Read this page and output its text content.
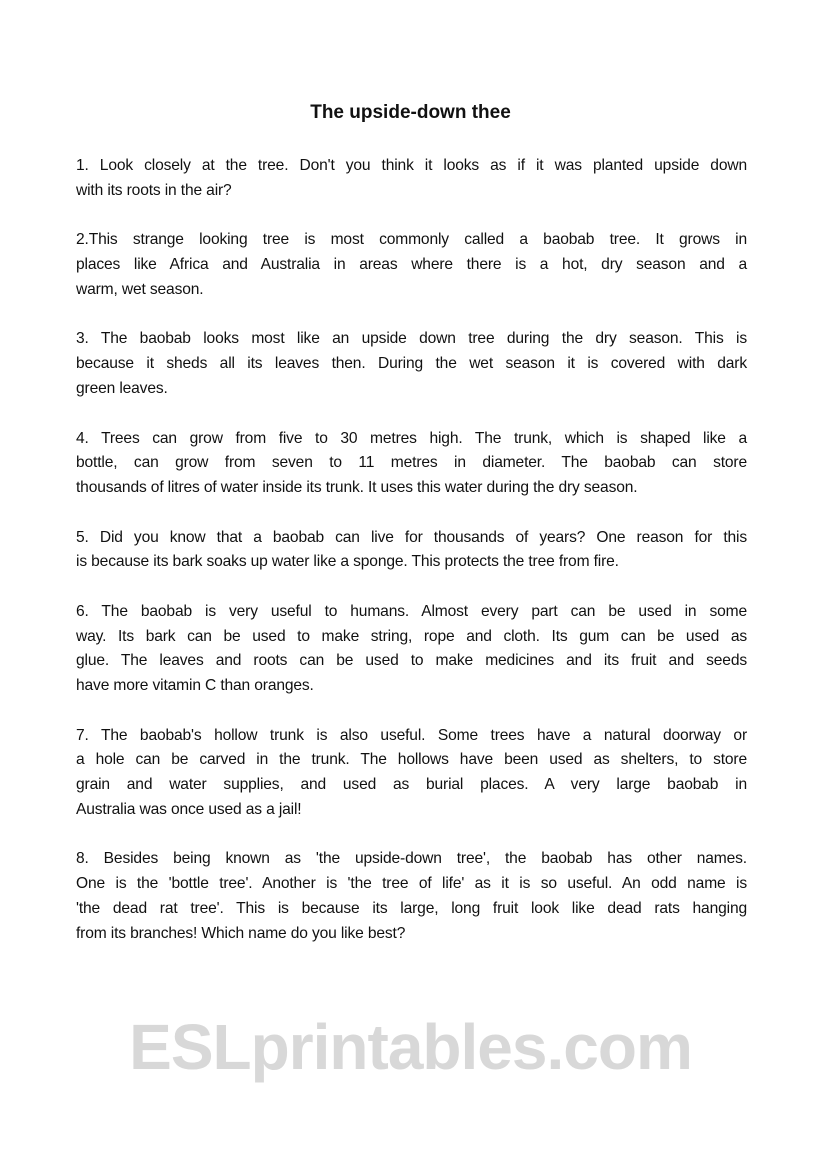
ESLprintables.com
The upside-down thee
1. Look closely at the tree. Don't you think it looks as if it was planted upside down
with its roots in the air?
2.This strange looking tree is most commonly called a baobab tree. It grows in
places like Africa and Australia in areas where there is a hot, dry season and a
warm, wet season.
3. The baobab looks most like an upside down tree during the dry season. This is
because it sheds all its leaves then. During the wet season it is covered with dark
green leaves.
4. Trees can grow from five to 30 metres high. The trunk, which is shaped like a
bottle, can grow from seven to 11 metres in diameter. The baobab can store
thousands of litres of water inside its trunk. It uses this water during the dry season.
5. Did you know that a baobab can live for thousands of years? One reason for this
is because its bark soaks up water like a sponge. This protects the tree from fire.
6. The baobab is very useful to humans. Almost every part can be used in some
way. Its bark can be used to make string, rope and cloth. Its gum can be used as
glue. The leaves and roots can be used to make medicines and its fruit and seeds
have more vitamin C than oranges.
7. The baobab's hollow trunk is also useful. Some trees have a natural doorway or
a hole can be carved in the trunk. The hollows have been used as shelters, to store
grain and water supplies, and used as burial places. A very large baobab in
Australia was once used as a jail!
8. Besides being known as 'the upside-down tree', the baobab has other names.
One is the 'bottle tree'. Another is 'the tree of life' as it is so useful. An odd name is
'the dead rat tree'. This is because its large, long fruit look like dead rats hanging
from its branches! Which name do you like best?
